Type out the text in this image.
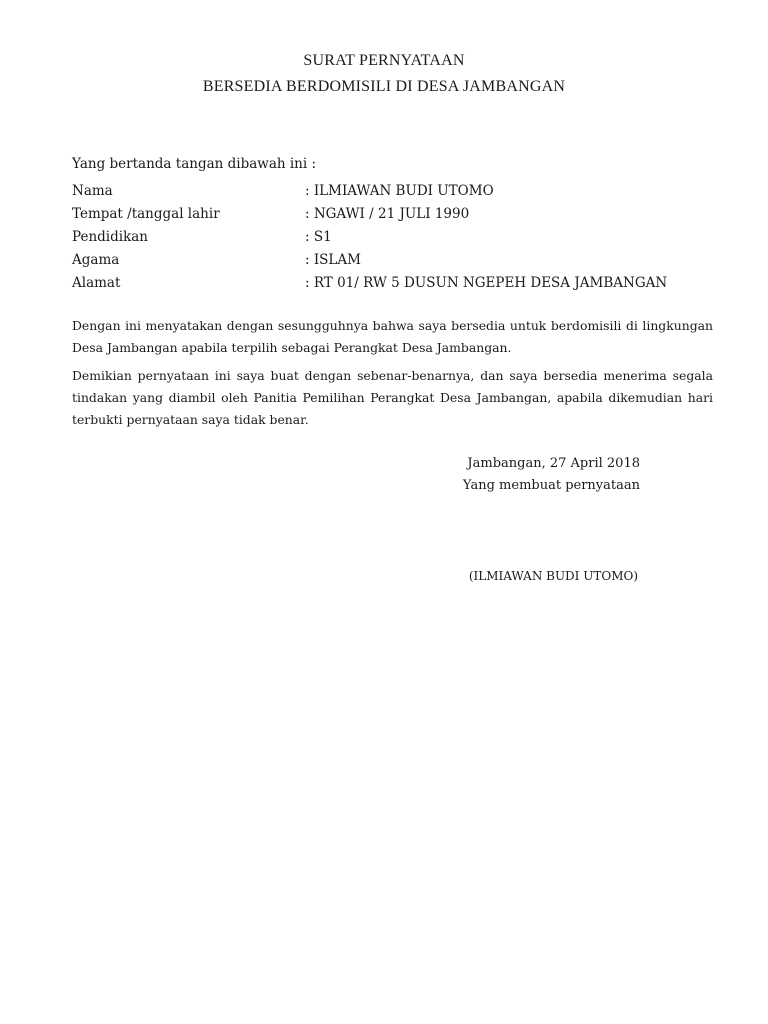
SURAT PERNYATAAN
BERSEDIA BERDOMISILI DI DESA JAMBANGAN
Yang bertanda tangan dibawah ini :
Nama	: ILMIAWAN BUDI UTOMO
Tempat /tanggal lahir	: NGAWI / 21 JULI 1990
Pendidikan	: S1
Agama	: ISLAM
Alamat	: RT 01/ RW 5 DUSUN NGEPEH DESA JAMBANGAN

Dengan ini menyatakan dengan sesungguhnya bahwa saya bersedia untuk berdomisili di lingkungan Desa Jambangan apabila terpilih sebagai Perangkat Desa Jambangan.

Demikian pernyataan ini saya buat dengan sebenar-benarnya, dan saya bersedia menerima segala tindakan yang diambil oleh Panitia Pemilihan Perangkat Desa Jambangan, apabila dikemudian hari terbukti pernyataan saya tidak benar.

Jambangan, 27 April 2018
Yang membuat pernyataan
(ILMIAWAN BUDI UTOMO)
